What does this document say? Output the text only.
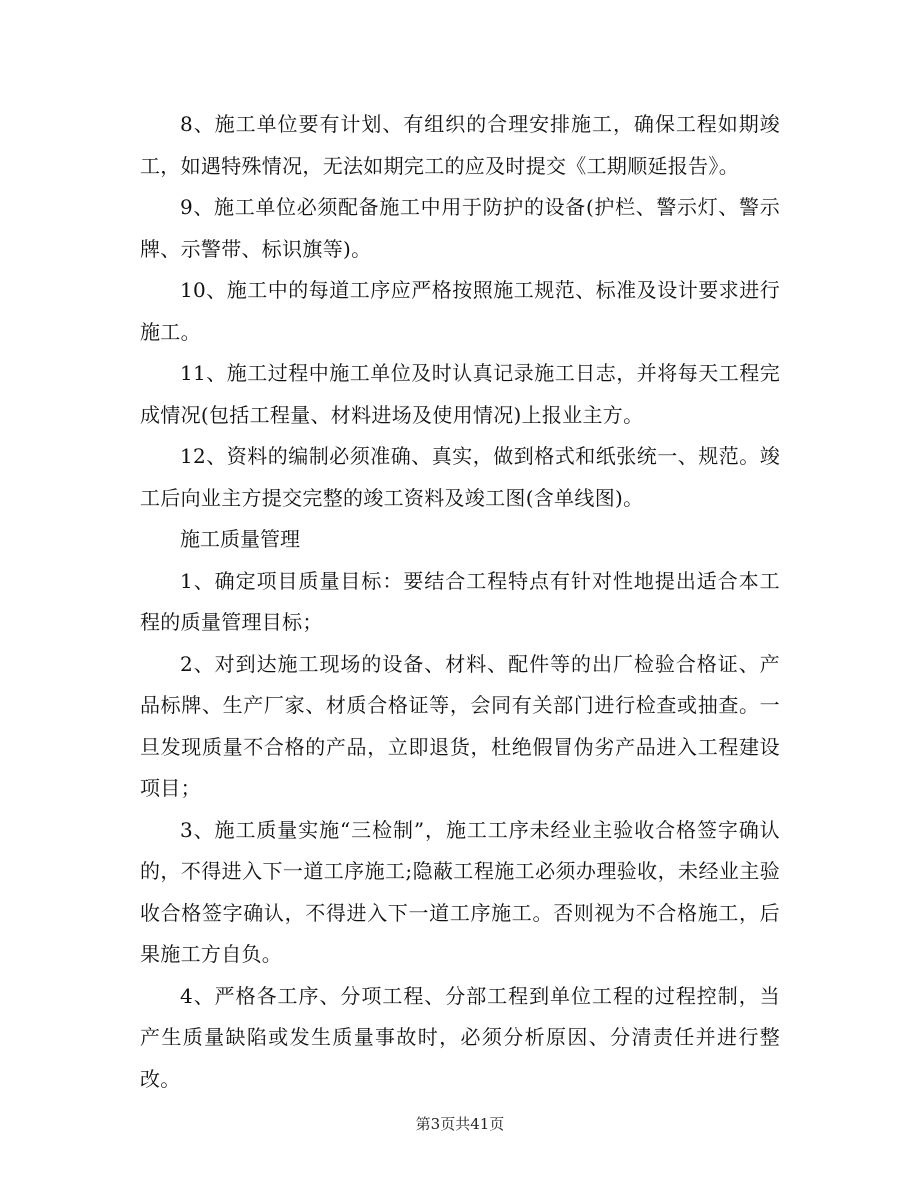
8、施工单位要有计划、有组织的合理安排施工，确保工程如期竣工，如遇特殊情况，无法如期完工的应及时提交《工期顺延报告》。

9、施工单位必须配备施工中用于防护的设备(护栏、警示灯、警示牌、示警带、标识旗等)。

10、施工中的每道工序应严格按照施工规范、标准及设计要求进行施工。

11、施工过程中施工单位及时认真记录施工日志，并将每天工程完成情况(包括工程量、材料进场及使用情况)上报业主方。

12、资料的编制必须准确、真实，做到格式和纸张统一、规范。竣工后向业主方提交完整的竣工资料及竣工图(含单线图)。

施工质量管理

1、确定项目质量目标：要结合工程特点有针对性地提出适合本工程的质量管理目标；

2、对到达施工现场的设备、材料、配件等的出厂检验合格证、产品标牌、生产厂家、材质合格证等，会同有关部门进行检查或抽查。一旦发现质量不合格的产品，立即退货，杜绝假冒伪劣产品进入工程建设项目；

3、施工质量实施“三检制”，施工工序未经业主验收合格签字确认的，不得进入下一道工序施工;隐蔽工程施工必须办理验收，未经业主验收合格签字确认，不得进入下一道工序施工。否则视为不合格施工，后果施工方自负。

4、严格各工序、分项工程、分部工程到单位工程的过程控制，当产生质量缺陷或发生质量事故时，必须分析原因、分清责任并进行整改。

第3页共41页
